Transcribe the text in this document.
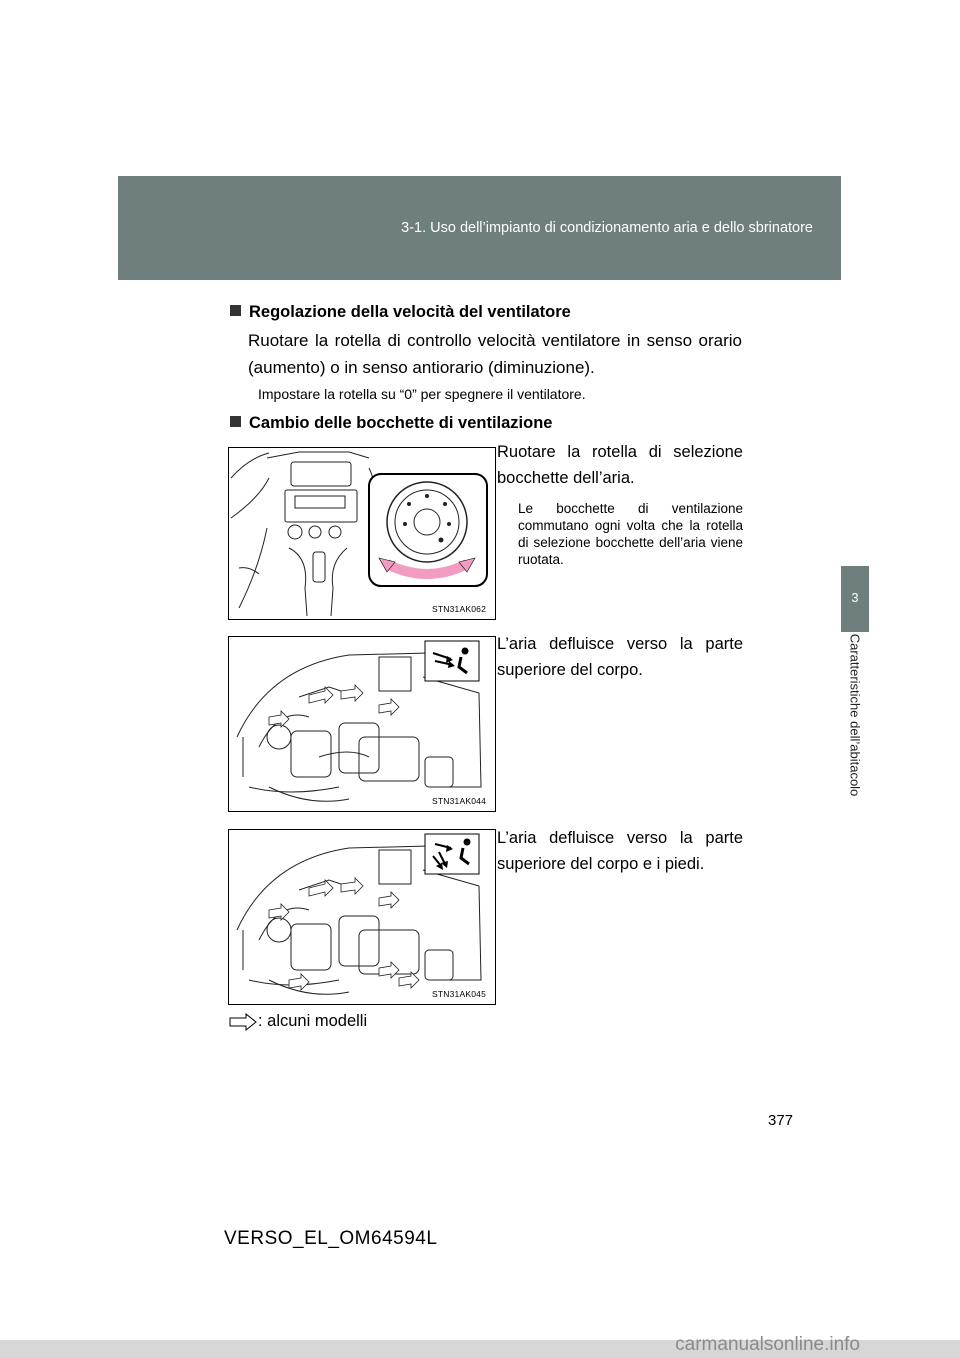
3-1. Uso dell’impianto di condizionamento aria e dello sbrinatore
3
Caratteristiche dell’abitacolo
Regolazione della velocità del ventilatore
Ruotare la rotella di controllo velocità ventilatore in senso orario (aumento) o in senso antiorario (diminuzione).
Impostare la rotella su “0” per spegnere il ventilatore.
Cambio delle bocchette di ventilazione
STN31AK062
Ruotare la rotella di selezione bocchette dell’aria.
Le bocchette di ventilazione commutano ogni volta che la rotella di selezione bocchette dell’aria viene ruotata.
STN31AK044
L’aria defluisce verso la parte superiore del corpo.
STN31AK045
L’aria defluisce verso la parte superiore del corpo e i piedi.
: alcuni modelli
377
VERSO_EL_OM64594L
carmanualsonline.info
